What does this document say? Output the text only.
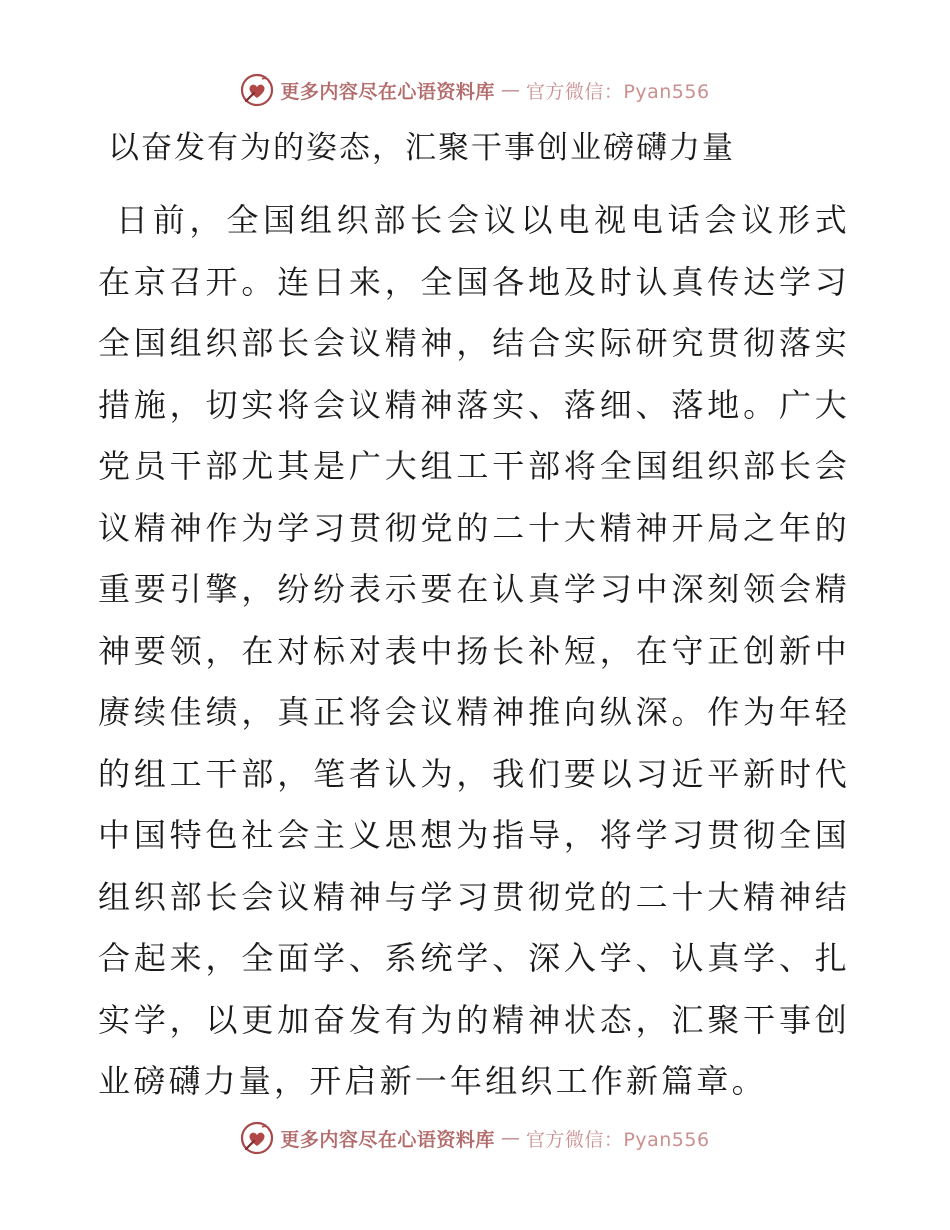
更多内容尽在心语资料库 — 官方微信：Pyan556
以奋发有为的姿态，汇聚干事创业磅礴力量

日前，全国组织部长会议以电视电话会议形式在京召开。连日来，全国各地及时认真传达学习全国组织部长会议精神，结合实际研究贯彻落实措施，切实将会议精神落实、落细、落地。广大党员干部尤其是广大组工干部将全国组织部长会议精神作为学习贯彻党的二十大精神开局之年的重要引擎，纷纷表示要在认真学习中深刻领会精神要领，在对标对表中扬长补短，在守正创新中赓续佳绩，真正将会议精神推向纵深。作为年轻的组工干部，笔者认为，我们要以习近平新时代中国特色社会主义思想为指导，将学习贯彻全国组织部长会议精神与学习贯彻党的二十大精神结合起来，全面学、系统学、深入学、认真学、扎实学，以更加奋发有为的精神状态，汇聚干事创业磅礴力量，开启新一年组织工作新篇章。

更多内容尽在心语资料库 — 官方微信：Pyan556
